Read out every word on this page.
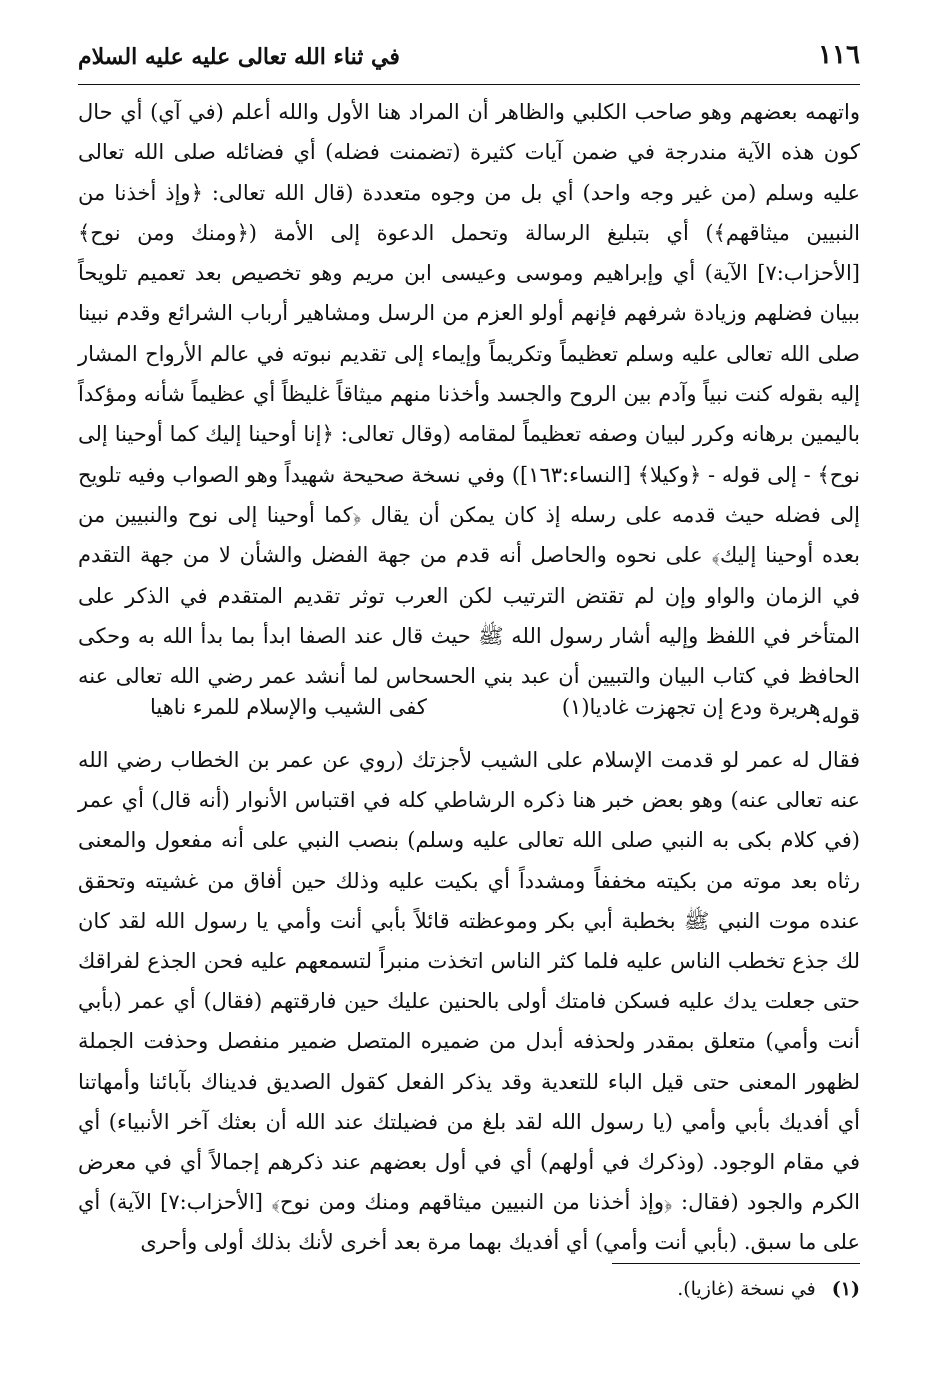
١١٦
في ثناء الله تعالى عليه عليه السلام

واتهمه بعضهم وهو صاحب الكلبي والظاهر أن المراد هنا الأول والله أعلم (في آي) أي حال كون هذه الآية مندرجة في ضمن آيات كثيرة (تضمنت فضله) أي فضائله صلى الله تعالى عليه وسلم (من غير وجه واحد) أي بل من وجوه متعددة (قال الله تعالى: ﴿وإذ أخذنا من النبيين ميثاقهم﴾) أي بتبليغ الرسالة وتحمل الدعوة إلى الأمة (﴿ومنك ومن نوح﴾ [الأحزاب:٧] الآية) أي وإبراهيم وموسى وعيسى ابن مريم وهو تخصيص بعد تعميم تلويحاً ببيان فضلهم وزيادة شرفهم فإنهم أولو العزم من الرسل ومشاهير أرباب الشرائع وقدم نبينا صلى الله تعالى عليه وسلم تعظيماً وتكريماً وإيماء إلى تقديم نبوته في عالم الأرواح المشار إليه بقوله كنت نبياً وآدم بين الروح والجسد وأخذنا منهم ميثاقاً غليظاً أي عظيماً شأنه ومؤكداً باليمين برهانه وكرر لبيان وصفه تعظيماً لمقامه (وقال تعالى: ﴿إنا أوحينا إليك كما أوحينا إلى نوح﴾ - إلى قوله - ﴿وكيلا﴾ [النساء:١٦٣]) وفي نسخة صحيحة شهيداً وهو الصواب وفيه تلويح إلى فضله حيث قدمه على رسله إذ كان يمكن أن يقال ﴿كما أوحينا إلى نوح والنبيين من بعده أوحينا إليك﴾ على نحوه والحاصل أنه قدم من جهة الفضل والشأن لا من جهة التقدم في الزمان والواو وإن لم تقتض الترتيب لكن العرب توثر تقديم المتقدم في الذكر على المتأخر في اللفظ وإليه أشار رسول الله ﷺ حيث قال عند الصفا ابدأ بما بدأ الله به وحكى الحافظ في كتاب البيان والتبيين أن عبد بني الحسحاس لما أنشد عمر رضي الله تعالى عنه قوله:

هريرة ودع إن تجهزت غاديا(١)
كفى الشيب والإسلام للمرء ناهيا

فقال له عمر لو قدمت الإسلام على الشيب لأجزتك (روي عن عمر بن الخطاب رضي الله عنه تعالى عنه) وهو بعض خبر هنا ذكره الرشاطي كله في اقتباس الأنوار (أنه قال) أي عمر (في كلام بكى به النبي صلى الله تعالى عليه وسلم) بنصب النبي على أنه مفعول والمعنى رثاه بعد موته من بكيته مخففاً ومشدداً أي بكيت عليه وذلك حين أفاق من غشيته وتحقق عنده موت النبي ﷺ بخطبة أبي بكر وموعظته قائلاً بأبي أنت وأمي يا رسول الله لقد كان لك جذع تخطب الناس عليه فلما كثر الناس اتخذت منبراً لتسمعهم عليه فحن الجذع لفراقك حتى جعلت يدك عليه فسكن فامتك أولى بالحنين عليك حين فارقتهم (فقال) أي عمر (بأبي أنت وأمي) متعلق بمقدر ولحذفه أبدل من ضميره المتصل ضمير منفصل وحذفت الجملة لظهور المعنى حتى قيل الباء للتعدية وقد يذكر الفعل كقول الصديق فديناك بآبائنا وأمهاتنا أي أفديك بأبي وأمي (يا رسول الله لقد بلغ من فضيلتك عند الله أن بعثك آخر الأنبياء) أي في مقام الوجود. (وذكرك في أولهم) أي في أول بعضهم عند ذكرهم إجمالاً أي في معرض الكرم والجود (فقال: ﴿وإذ أخذنا من النبيين ميثاقهم ومنك ومن نوح﴾ [الأحزاب:٧] الآية) أي على ما سبق. (بأبي أنت وأمي) أي أفديك بهما مرة بعد أخرى لأنك بذلك أولى وأحرى

(١) في نسخة (غازيا).
